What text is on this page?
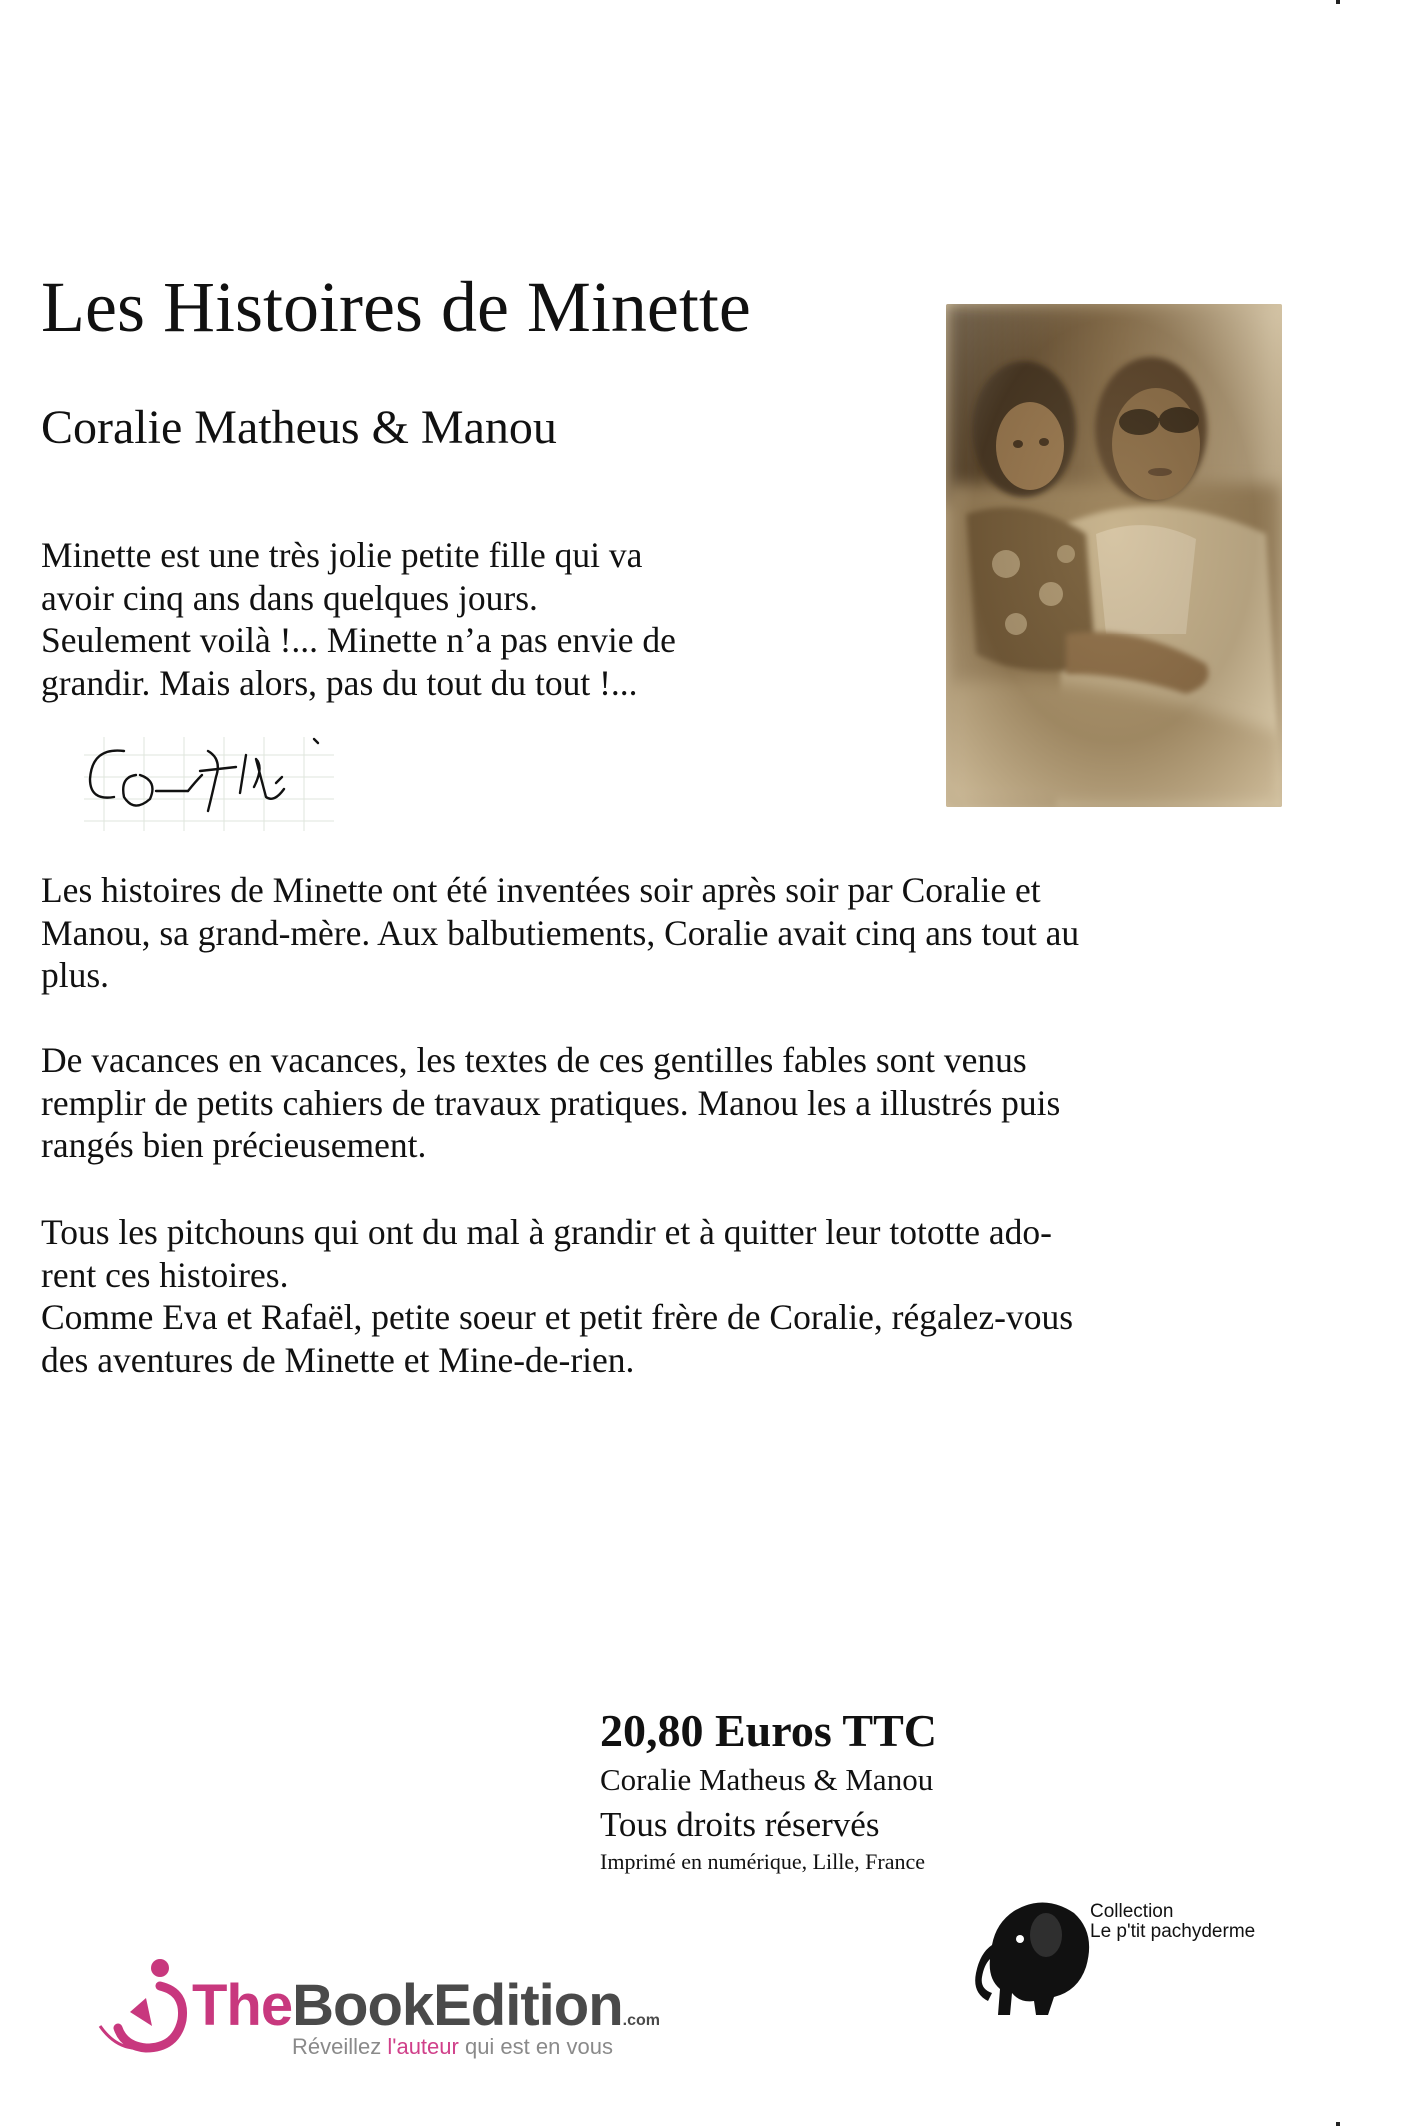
Les Histoires de Minette
Coralie Matheus & Manou
Minette est une très jolie petite fille qui va
avoir cinq ans dans quelques jours.
Seulement voilà !... Minette n’a pas envie de
grandir. Mais alors, pas du tout du tout !...
Les histoires de Minette ont été inventées soir après soir par Coralie et
Manou, sa grand-mère. Aux balbutiements, Coralie avait cinq ans tout au
plus.
De vacances en vacances, les textes de ces gentilles fables sont venus
remplir de petits cahiers de travaux pratiques. Manou les a illustrés puis
rangés bien précieusement.
Tous les pitchouns qui ont du mal à grandir et à quitter leur tototte ado-
rent ces histoires.
Comme Eva et Rafaël, petite soeur et petit frère de Coralie, régalez-vous
des aventures de Minette et Mine-de-rien.
20,80 Euros TTC
Coralie Matheus & Manou
Tous droits réservés
Imprimé en numérique, Lille, France
Collection
Le p'tit pachyderme
TheBookEdition.com
Réveillez l'auteur qui est en vous
